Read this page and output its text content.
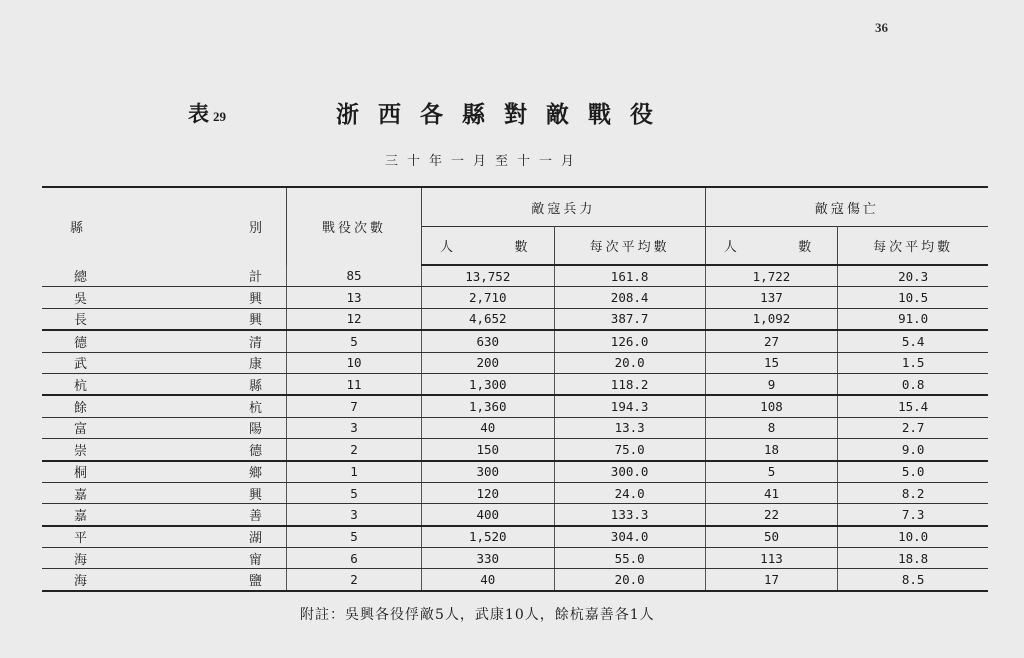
36
表 29	浙西各縣對敵戰役
三十年一月至十一月
縣 別	戰役次數	敵寇兵力		敵寇傷亡	

		人 數	每次平均數	人 數	每次平均數

總 計	85	13,752	161.8	1,722	20.3

吳 興	13	2,710	208.4	137	10.5

長 興	12	4,652	387.7	1,092	91.0

德 清	5	630	126.0	27	5.4

武 康	10	200	20.0	15	1.5

杭 縣	11	1,300	118.2	9	0.8

餘 杭	7	1,360	194.3	108	15.4

富 陽	3	40	13.3	8	2.7

崇 德	2	150	75.0	18	9.0

桐 鄉	1	300	300.0	5	5.0

嘉 興	5	120	24.0	41	8.2

嘉 善	3	400	133.3	22	7.3

平 湖	5	1,520	304.0	50	10.0

海 甯	6	330	55.0	113	18.8

海 鹽	2	40	20.0	17	8.5
附註：吳興各役俘敵5人，武康10人，餘杭嘉善各1人
